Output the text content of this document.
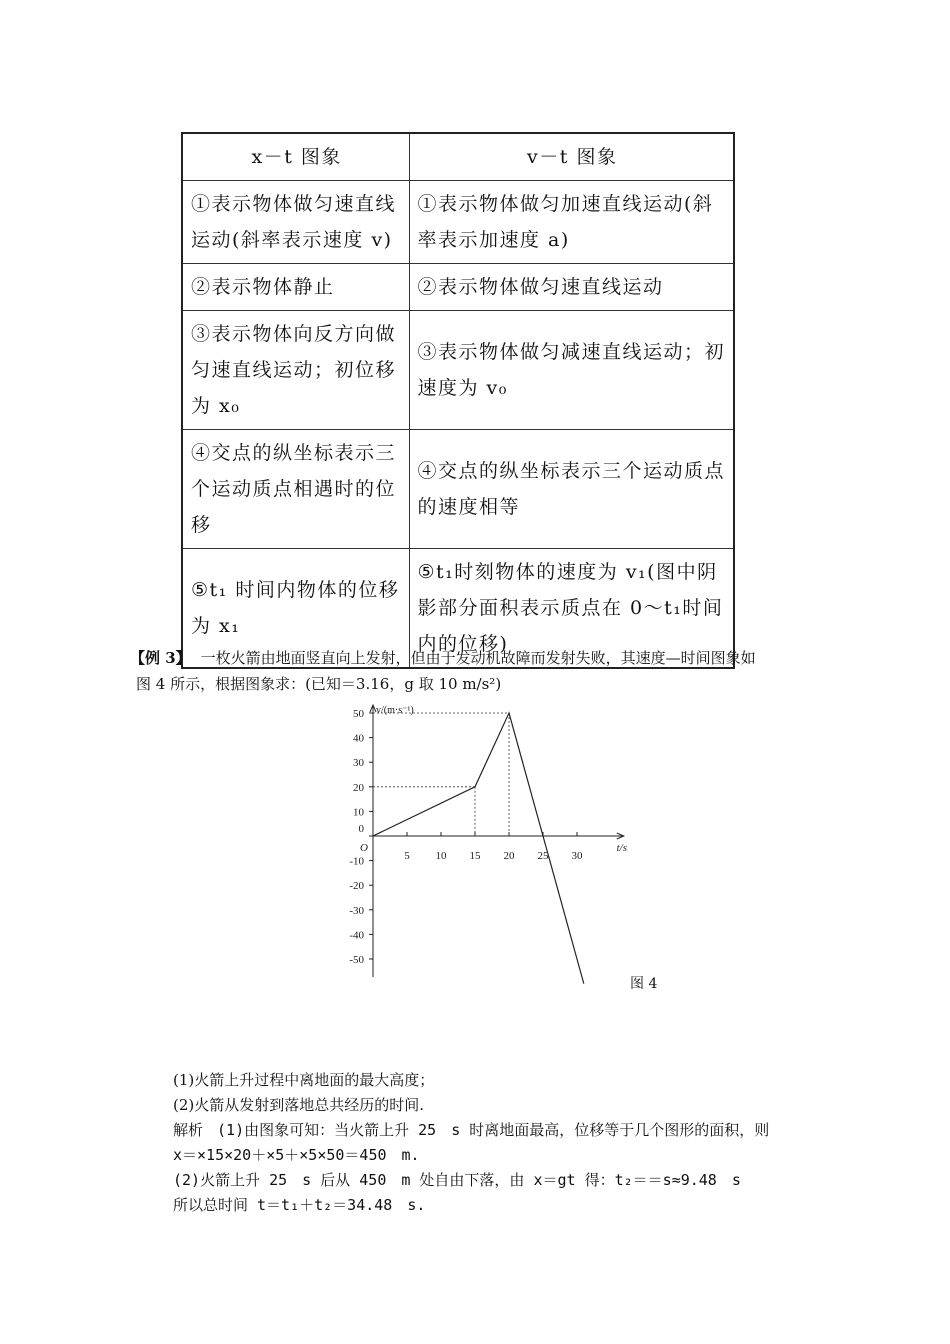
x－t 图象	v－t 图象
①表示物体做匀速直线运动(斜率表示速度 v)	①表示物体做匀加速直线运动(斜率表示加速度 a)
②表示物体静止	②表示物体做匀速直线运动
③表示物体向反方向做匀速直线运动；初位移为 x₀	③表示物体做匀减速直线运动；初速度为 v₀
④交点的纵坐标表示三个运动质点相遇时的位移	④交点的纵坐标表示三个运动质点的速度相等
⑤t₁ 时间内物体的位移为 x₁	⑤t₁时刻物体的速度为 v₁(图中阴影部分面积表示质点在 0～t₁时间内的位移)
【例 3】 一枚火箭由地面竖直向上发射，但由于发动机故障而发射失败，其速度—时间图象如
图 4 所示，根据图象求：(已知＝3.16，g 取 10 m/s²)
50
40
30
20
10
0
-10
-20
-30
-40
-50
5 10 15 20 25 30
O
v/(m·s⁻¹)
t/s
图 4
(1)火箭上升过程中离地面的最大高度；
(2)火箭从发射到落地总共经历的时间.
解析 (1)由图象可知：当火箭上升 25　s 时离地面最高，位移等于几个图形的面积，则
x＝×15×20＋×5＋×5×50＝450　m.
(2)火箭上升 25　s 后从 450　m 处自由下落，由 x＝gt 得：t₂＝＝s≈9.48　s
所以总时间 t＝t₁＋t₂＝34.48　s.
